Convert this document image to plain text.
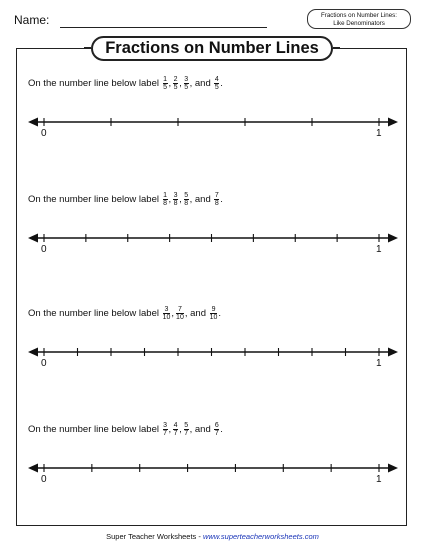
Name:	Fractions on Number Lines:
Like Denominators
Fractions on Number Lines
On the number line below label $\frac{1}{5}$ , $\frac{2}{5}$ , $\frac{3}{5}$ , and $\frac{4}{5}$ .
0	1
On the number line below label $\frac{1}{8}$ , $\frac{3}{8}$ , $\frac{5}{8}$ , and $\frac{7}{8}$ .
0	1
On the number line below label $\frac{3}{10}$ , $\frac{7}{10}$ , and $\frac{9}{10}$ .
0	1
On the number line below label $\frac{3}{7}$ , $\frac{4}{7}$ , $\frac{5}{7}$ , and $\frac{6}{7}$ .
0	1
Super Teacher Worksheets - www.superteacherworksheets.com
